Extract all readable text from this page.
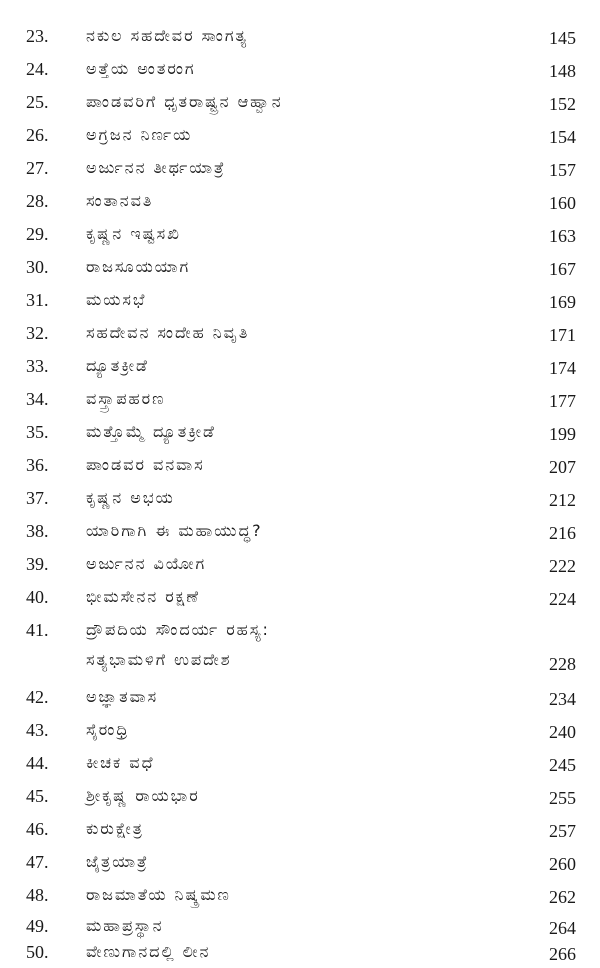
23. ನಕುಲ ಸಹದೇವರ ಸಾಂಗತ್ಯ	145
24. ಅತ್ತೆಯ ಅಂತರಂಗ	148
25. ಪಾಂಡವರಿಗೆ ಧೃತರಾಷ್ಟ್ರನ ಆಹ್ವಾನ	152
26. ಅಗ್ರಜನ ನಿರ್ಣಯ	154
27. ಅರ್ಜುನನ ತೀರ್ಥಯಾತ್ರೆ	157
28. ಸಂತಾನವತಿ	160
29. ಕೃಷ್ಣನ ಇಷ್ಟಸಖಿ	163
30. ರಾಜಸೂಯಯಾಗ	167
31. ಮಯಸಭೆ	169
32. ಸಹದೇವನ ಸಂದೇಹ ನಿವೃತಿ	171
33. ದ್ಯೂತಕ್ರೀಡೆ	174
34. ವಸ್ತ್ರಾಪಹರಣ	177
35. ಮತ್ತೊಮ್ಮೆ ದ್ಯೂತಕ್ರೀಡೆ	199
36. ಪಾಂಡವರ ವನವಾಸ	207
37. ಕೃಷ್ಣನ ಅಭಯ	212
38. ಯಾರಿಗಾಗಿ ಈ ಮಹಾಯುದ್ಧ?	216
39. ಅರ್ಜುನನ ವಿಯೋಗ	222
40. ಭೀಮಸೇನನ ರಕ್ಷಣೆ	224
41. ದ್ರೌಪದಿಯ ಸೌಂದರ್ಯ ರಹಸ್ಯ:
ಸತ್ಯಭಾಮಳಿಗೆ ಉಪದೇಶ	228
42. ಅಜ್ಞಾತವಾಸ	234
43. ಸೈರಂಧ್ರಿ	240
44. ಕೀಚಕ ವಧೆ	245
45. ಶ್ರೀಕೃಷ್ಣ ರಾಯಭಾರ	255
46. ಕುರುಕ್ಷೇತ್ರ	257
47. ಜೈತ್ರಯಾತ್ರೆ	260
48. ರಾಜಮಾತೆಯ ನಿಷ್ಕ್ರಮಣ	262
49. ಮಹಾಪ್ರಸ್ಥಾನ	264
50. ವೇಣುಗಾನದಲ್ಲಿ ಲೀನ	266
